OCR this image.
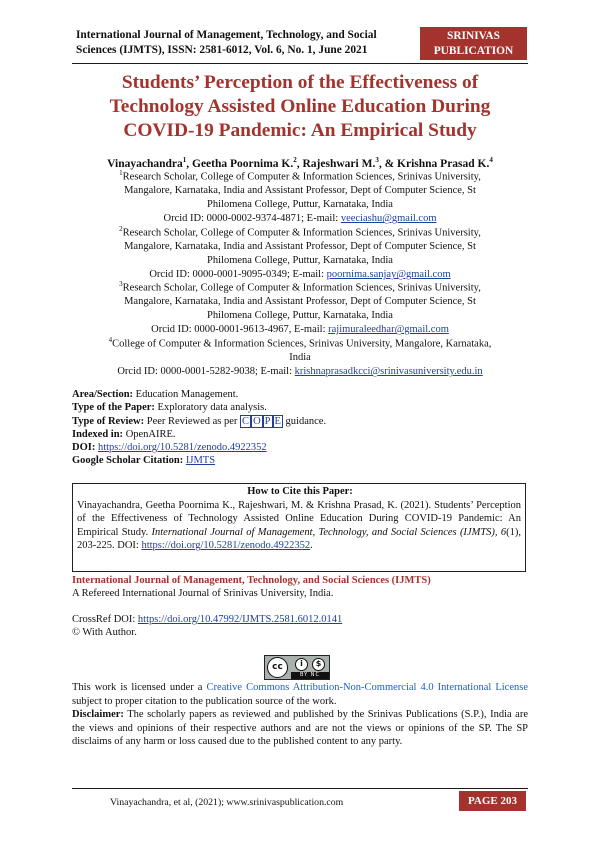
International Journal of Management, Technology, and Social
Sciences (IJMTS), ISSN: 2581-6012, Vol. 6, No. 1, June 2021
SRINIVAS
PUBLICATION
Students’ Perception of the Effectiveness of
Technology Assisted Online Education During
COVID-19 Pandemic: An Empirical Study
Vinayachandra$^1$, Geetha Poornima K.$^2$, Rajeshwari M.$^3$, & Krishna Prasad K.$^4$
$^1$Research Scholar, College of Computer & Information Sciences, Srinivas University,
Mangalore, Karnataka, India and Assistant Professor, Dept of Computer Science, St
Philomena College, Puttur, Karnataka, India
Orcid ID: 0000-0002-9374-4871; E-mail: veeciashu@gmail.com
$^2$Research Scholar, College of Computer & Information Sciences, Srinivas University,
Mangalore, Karnataka, India and Assistant Professor, Dept of Computer Science, St
Philomena College, Puttur, Karnataka, India
Orcid ID: 0000-0001-9095-0349; E-mail: poornima.sanjay@gmail.com
$^3$Research Scholar, College of Computer & Information Sciences, Srinivas University,
Mangalore, Karnataka, India and Assistant Professor, Dept of Computer Science, St
Philomena College, Puttur, Karnataka, India
Orcid ID: 0000-0001-9613-4967, E-mail: rajimuraleedhar@gmail.com
$^4$College of Computer & Information Sciences, Srinivas University, Mangalore, Karnataka,
India
Orcid ID: 0000-0001-5282-9038; E-mail: krishnaprasadkcci@srinivasuniversity.edu.in
Area/Section: Education Management.
Type of the Paper: Exploratory data analysis.
Type of Review: Peer Reviewed as per C O P E guidance.
Indexed in: OpenAIRE.
DOI: https://doi.org/10.5281/zenodo.4922352
Google Scholar Citation: IJMTS
How to Cite this Paper:
Vinayachandra, Geetha Poornima K., Rajeshwari, M. & Krishna Prasad, K. (2021). Students’ Perception of the Effectiveness of Technology Assisted Online Education During COVID-19 Pandemic: An Empirical Study. International Journal of Management, Technology, and Social Sciences (IJMTS), 6(1), 203-225. DOI: https://doi.org/10.5281/zenodo.4922352.
International Journal of Management, Technology, and Social Sciences (IJMTS)
A Refereed International Journal of Srinivas University, India.
CrossRef DOI: https://doi.org/10.47992/IJMTS.2581.6012.0141
© With Author.
cc	i	$
BY NC
This work is licensed under a Creative Commons Attribution-Non-Commercial 4.0 International License subject to proper citation to the publication source of the work.
Disclaimer: The scholarly papers as reviewed and published by the Srinivas Publications (S.P.), India are the views and opinions of their respective authors and are not the views or opinions of the SP. The SP disclaims of any harm or loss caused due to the published content to any party.
Vinayachandra, et al, (2021); www.srinivaspublication.com	PAGE 203
